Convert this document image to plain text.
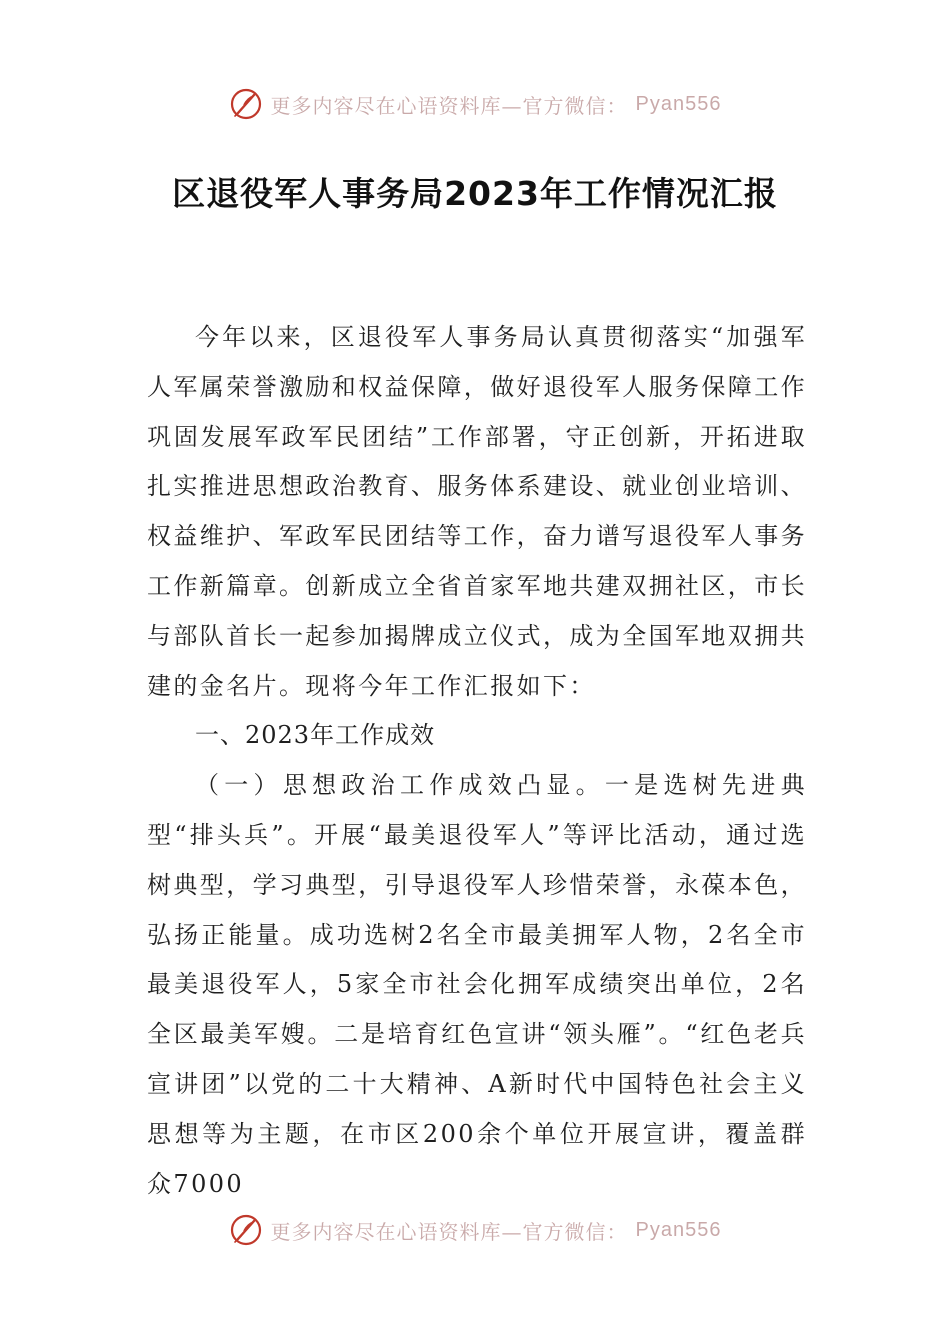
更多内容尽在心语资料库—官方微信： Pyan556
区退役军人事务局2023年工作情况汇报

今年以来，区退役军人事务局认真贯彻落实“加强军人军属荣誉激励和权益保障，做好退役军人服务保障工作巩固发展军政军民团结”工作部署，守正创新，开拓进取扎实推进思想政治教育、服务体系建设、就业创业培训、权益维护、军政军民团结等工作，奋力谱写退役军人事务工作新篇章。创新成立全省首家军地共建双拥社区，市长与部队首长一起参加揭牌成立仪式，成为全国军地双拥共建的金名片。现将今年工作汇报如下：

一、2023年工作成效

（一）思想政治工作成效凸显。一是选树先进典型“排头兵”。开展“最美退役军人”等评比活动，通过选树典型，学习典型，引导退役军人珍惜荣誉，永葆本色，弘扬正能量。成功选树2名全市最美拥军人物，2名全市最美退役军人，5家全市社会化拥军成绩突出单位，2名全区最美军嫂。二是培育红色宣讲“领头雁”。“红色老兵宣讲团”以党的二十大精神、A新时代中国特色社会主义思想等为主题，在市区200余个单位开展宣讲，覆盖群众7000

更多内容尽在心语资料库—官方微信： Pyan556
